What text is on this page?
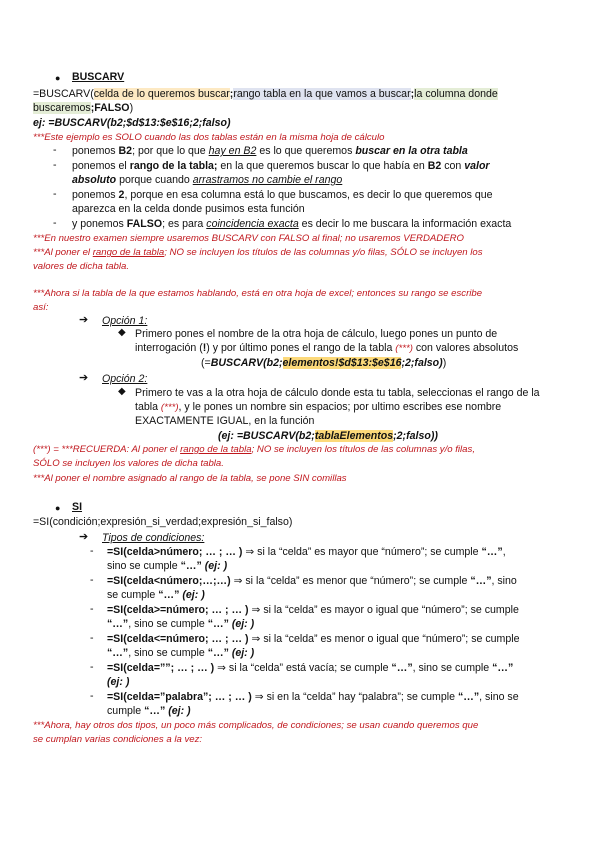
● BUSCARV
=BUSCARV(celda de lo queremos buscar;rango tabla en la que vamos a buscar;la columna donde
buscaremos;FALSO)
ej: =BUSCARV(b2;$d$13:$e$16;2;falso)
***Este ejemplo es SOLO cuando las dos tablas están en la misma hoja de cálculo
- ponemos B2; por que lo que hay en B2 es lo que queremos buscar en la otra tabla
- ponemos el rango de la tabla; en la que queremos buscar lo que había en B2 con valor
absoluto porque cuando arrastramos no cambie el rango
- ponemos 2, porque en esa columna está lo que buscamos, es decir lo que queremos que
aparezca en la celda donde pusimos esta función
- y ponemos FALSO; es para coincidencia exacta es decir lo me buscara la información exacta
***En nuestro examen siempre usaremos BUSCARV con FALSO al final; no usaremos VERDADERO
***Al poner el rango de la tabla; NO se incluyen los títulos de las columnas y/o filas, SÓLO se incluyen los
valores de dicha tabla.
***Ahora si la tabla de la que estamos hablando, está en otra hoja de excel; entonces su rango se escribe
así:
➔ Opción 1:
◆ Primero pones el nombre de la otra hoja de cálculo, luego pones un punto de
interrogación (!) y por último pones el rango de la tabla (***) con valores absolutos
(=BUSCARV(b2;elementos!$d$13:$e$16;2;falso))
➔ Opción 2:
◆ Primero te vas a la otra hoja de cálculo donde esta tu tabla, seleccionas el rango de la
tabla (***), y le pones un nombre sin espacios; por ultimo escribes ese nombre
EXACTAMENTE IGUAL, en la función
(ej: =BUSCARV(b2;tablaElementos;2;falso))
(***) = ***RECUERDA: Al poner el rango de la tabla; NO se incluyen los títulos de las columnas y/o filas,
SÓLO se incluyen los valores de dicha tabla.
***Al poner el nombre asignado al rango de la tabla, se pone SIN comillas
● SI
=SI(condición;expresión_si_verdad;expresión_si_falso)
➔ Tipos de condiciones:
- =SI(celda>número; … ; … ) ⇒ si la “celda” es mayor que “número”; se cumple “…”,
sino se cumple “…” (ej: )
- =SI(celda<número;…;…) ⇒ si la “celda” es menor que “número”; se cumple “…”, sino
se cumple “…” (ej: )
- =SI(celda>=número; … ; … ) ⇒ si la “celda” es mayor o igual que “número”; se cumple
“…”, sino se cumple “…” (ej: )
- =SI(celda<=número; … ; … ) ⇒ si la “celda” es menor o igual que “número”; se cumple
“…”, sino se cumple “…” (ej: )
- =SI(celda=””; … ; … ) ⇒ si la “celda” está vacía; se cumple “…”, sino se cumple “…”
(ej: )
- =SI(celda=”palabra”; … ; … ) ⇒ si en la “celda” hay “palabra”; se cumple “…”, sino se
cumple “…” (ej: )
***Ahora, hay otros dos tipos, un poco más complicados, de condiciones; se usan cuando queremos que
se cumplan varias condiciones a la vez:
